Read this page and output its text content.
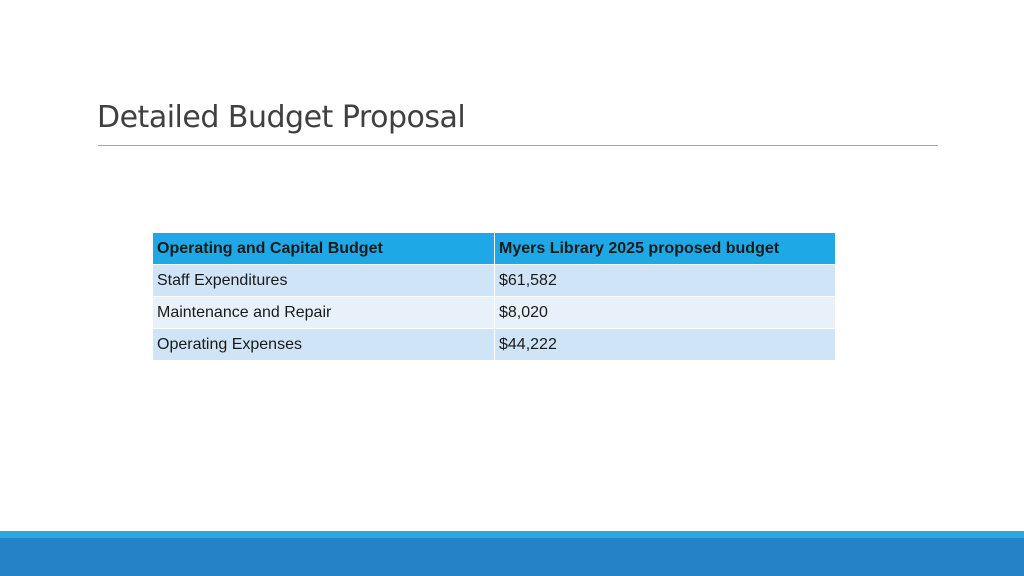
Detailed Budget Proposal
Operating and Capital Budget	Myers Library 2025 proposed budget
Staff Expenditures	$61,582
Maintenance and Repair	$8,020
Operating Expenses	$44,222
